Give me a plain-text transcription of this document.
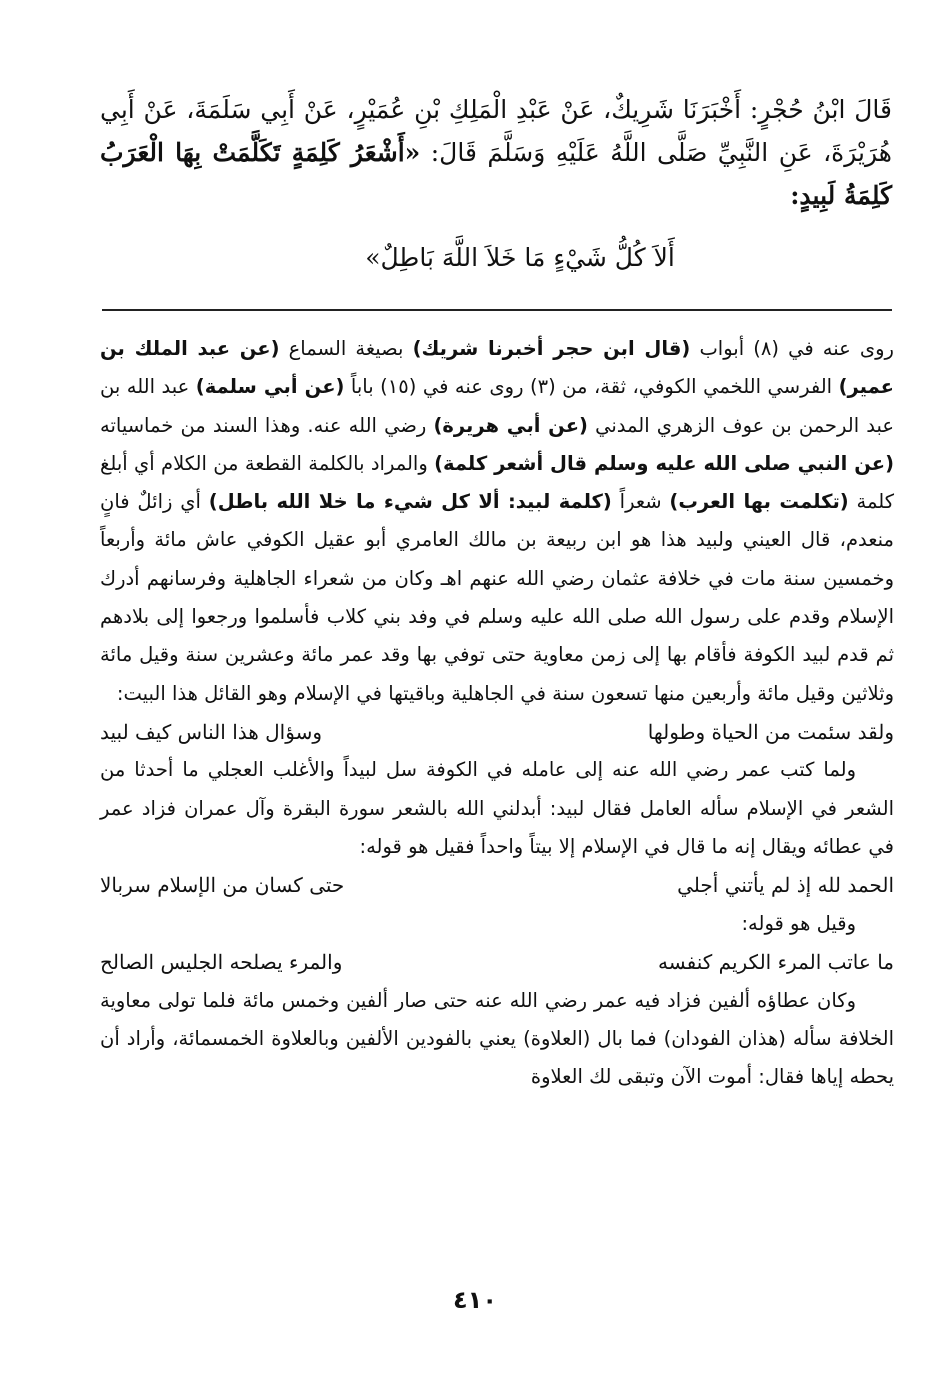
قَالَ ابْنُ حُجْرٍ: أَخْبَرَنَا شَرِيكٌ، عَنْ عَبْدِ الْمَلِكِ بْنِ عُمَيْرٍ، عَنْ أَبِي سَلَمَةَ، عَنْ أَبِي هُرَيْرَةَ، عَنِ النَّبِيِّ صَلَّى اللَّهُ عَلَيْهِ وَسَلَّمَ قَالَ: «أَشْعَرُ كَلِمَةٍ تَكَلَّمَتْ بِهَا الْعَرَبُ كَلِمَةُ لَبِيدٍ:

أَلاَ كُلُّ شَيْءٍ مَا خَلاَ اللَّهَ بَاطِلٌ»

روى عنه في (٨) أبواب (قال ابن حجر أخبرنا شريك) بصيغة السماع (عن عبد الملك بن عمير) الفرسي اللخمي الكوفي، ثقة، من (٣) روى عنه في (١٥) باباً (عن أبي سلمة) عبد الله بن عبد الرحمن بن عوف الزهري المدني (عن أبي هريرة) رضي الله عنه. وهذا السند من خماسياته (عن النبي صلى الله عليه وسلم قال أشعر كلمة) والمراد بالكلمة القطعة من الكلام أي أبلغ كلمة (تكلمت بها العرب) شعراً (كلمة لبيد: ألا كل شيء ما خلا الله باطل) أي زائلٌ فانٍ منعدم، قال العيني ولبيد هذا هو ابن ربيعة بن مالك العامري أبو عقيل الكوفي عاش مائة وأربعاً وخمسين سنة مات في خلافة عثمان رضي الله عنهم اهـ وكان من شعراء الجاهلية وفرسانهم أدرك الإسلام وقدم على رسول الله صلى الله عليه وسلم في وفد بني كلاب فأسلموا ورجعوا إلى بلادهم ثم قدم لبيد الكوفة فأقام بها إلى زمن معاوية حتى توفي بها وقد عمر مائة وعشرين سنة وقيل مائة وثلاثين وقيل مائة وأربعين منها تسعون سنة في الجاهلية وباقيتها في الإسلام وهو القائل هذا البيت:

ولقد سئمت من الحياة وطولها
وسؤال هذا الناس كيف لبيد

ولما كتب عمر رضي الله عنه إلى عامله في الكوفة سل لبيداً والأغلب العجلي ما أحدثا من الشعر في الإسلام سأله العامل فقال لبيد: أبدلني الله بالشعر سورة البقرة وآل عمران فزاد عمر في عطائه ويقال إنه ما قال في الإسلام إلا بيتاً واحداً فقيل هو قوله:

الحمد لله إذ لم يأتني أجلي
حتى كسان من الإسلام سربالا

وقيل هو قوله:

ما عاتب المرء الكريم كنفسه
والمرء يصلحه الجليس الصالح

وكان عطاؤه ألفين فزاد فيه عمر رضي الله عنه حتى صار ألفين وخمس مائة فلما تولى معاوية الخلافة سأله (هذان الفودان) فما بال (العلاوة) يعني بالفودين الألفين وبالعلاوة الخمسمائة، وأراد أن يحطه إياها فقال: أموت الآن وتبقى لك العلاوة

٤١٠
